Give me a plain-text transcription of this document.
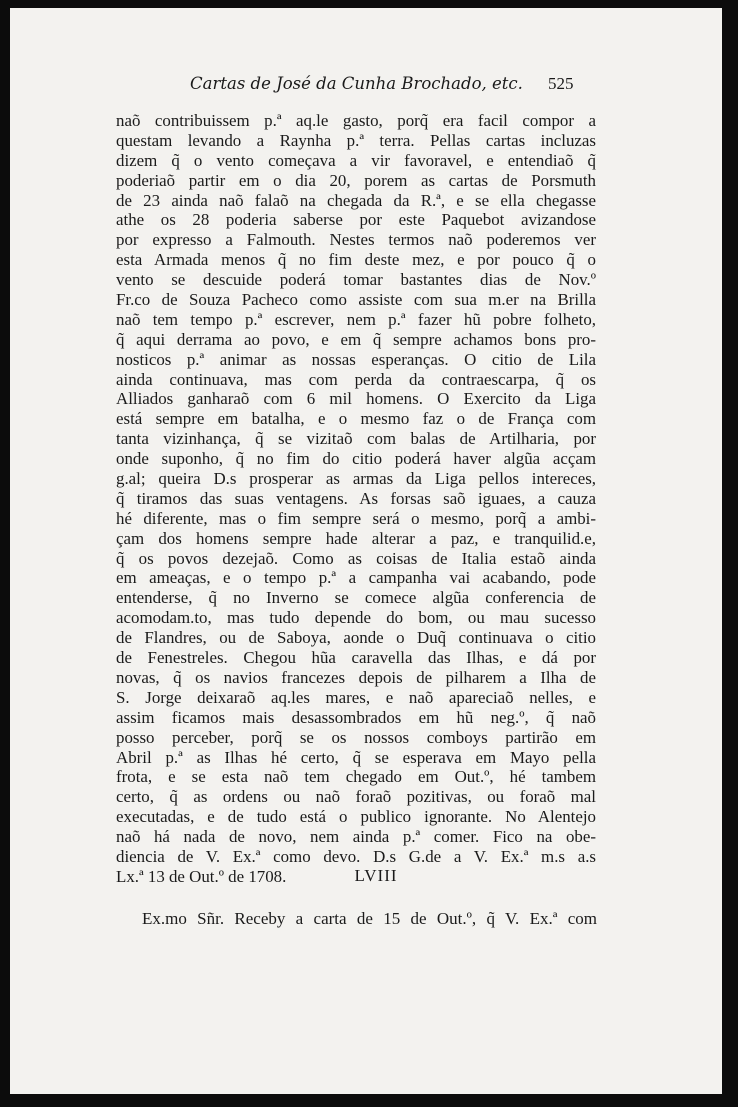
Cartas de José da Cunha Brochado, etc. 525
naõ contribuissem p.ª aq.le gasto, porq̃ era facil compor a
questam levando a Raynha p.ª terra. Pellas cartas incluzas
dizem q̃ o vento começava a vir favoravel, e entendiaõ q̃
poderiaõ partir em o dia 20, porem as cartas de Porsmuth
de 23 ainda naõ falaõ na chegada da R.ª, e se ella chegasse
athe os 28 poderia saberse por este Paquebot avizandose
por expresso a Falmouth. Nestes termos naõ poderemos ver
esta Armada menos q̃ no fim deste mez, e por pouco q̃ o
vento se descuide poderá tomar bastantes dias de Nov.º
Fr.co de Souza Pacheco como assiste com sua m.er na Brilla
naõ tem tempo p.ª escrever, nem p.ª fazer hũ pobre folheto,
q̃ aqui derrama ao povo, e em q̃ sempre achamos bons pro-
nosticos p.ª animar as nossas esperanças. O citio de Lila
ainda continuava, mas com perda da contraescarpa, q̃ os
Alliados ganharaõ com 6 mil homens. O Exercito da Liga
está sempre em batalha, e o mesmo faz o de França com
tanta vizinhança, q̃ se vizitaõ com balas de Artilharia, por
onde suponho, q̃ no fim do citio poderá haver algũa acçam
g.al; queira D.s prosperar as armas da Liga pellos intereces,
q̃ tiramos das suas ventagens. As forsas saõ iguaes, a cauza
hé diferente, mas o fim sempre será o mesmo, porq̃ a ambi-
çam dos homens sempre hade alterar a paz, e tranquilid.e,
q̃ os povos dezejaõ. Como as coisas de Italia estaõ ainda
em ameaças, e o tempo p.ª a campanha vai acabando, pode
entenderse, q̃ no Inverno se comece algũa conferencia de
acomodam.to, mas tudo depende do bom, ou mau sucesso
de Flandres, ou de Saboya, aonde o Duq̃ continuava o citio
de Fenestreles. Chegou hũa caravella das Ilhas, e dá por
novas, q̃ os navios francezes depois de pilharem a Ilha de
S. Jorge deixaraõ aq.les mares, e naõ apareciaõ nelles, e
assim ficamos mais desassombrados em hũ neg.º, q̃ naõ
posso perceber, porq̃ se os nossos comboys partirão em
Abril p.ª as Ilhas hé certo, q̃ se esperava em Mayo pella
frota, e se esta naõ tem chegado em Out.º, hé tambem
certo, q̃ as ordens ou naõ foraõ pozitivas, ou foraõ mal
executadas, e de tudo está o publico ignorante. No Alentejo
naõ há nada de novo, nem ainda p.ª comer. Fico na obe-
diencia de V. Ex.ª como devo. D.s G.de a V. Ex.ª m.s a.s
Lx.ª 13 de Out.º de 1708.	LVIII
Ex.mo Sñr. Receby a carta de 15 de Out.º, q̃ V. Ex.ª com
